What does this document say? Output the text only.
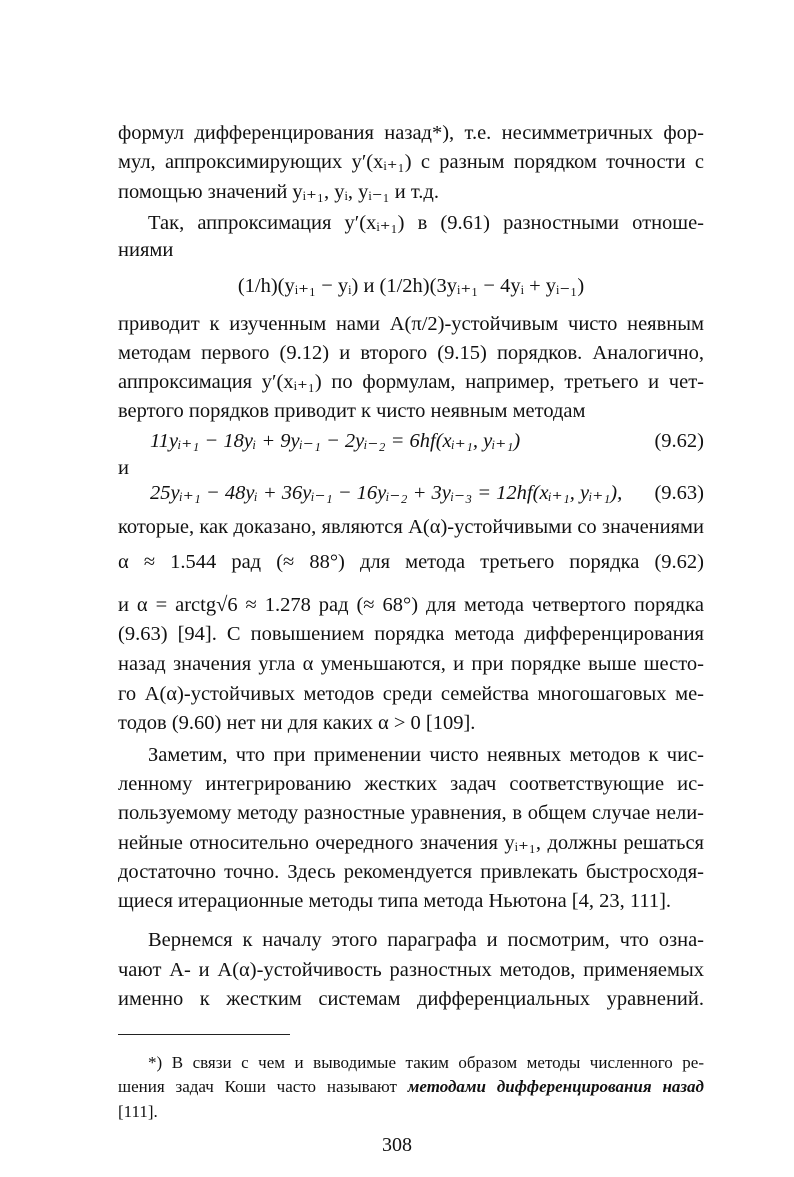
формул дифференцирования назад*), т.е. несимметричных фор-
мул, аппроксимирующих y′(xᵢ₊₁) с разным порядком точности с
помощью значений yᵢ₊₁, yᵢ, yᵢ₋₁ и т.д.
Так, аппроксимация y′(xᵢ₊₁) в (9.61) разностными отноше-
ниями
(1/h)(yᵢ₊₁ − yᵢ) и (1/2h)(3yᵢ₊₁ − 4yᵢ + yᵢ₋₁)
приводит к изученным нами A(π/2)-устойчивым чисто неявным
методам первого (9.12) и второго (9.15) порядков. Аналогично,
аппроксимация y′(xᵢ₊₁) по формулам, например, третьего и чет-
вертого порядков приводит к чисто неявным методам
11yᵢ₊₁ − 18yᵢ + 9yᵢ₋₁ − 2yᵢ₋₂ = 6hf(xᵢ₊₁, yᵢ₊₁)	(9.62)
и
25yᵢ₊₁ − 48yᵢ + 36yᵢ₋₁ − 16yᵢ₋₂ + 3yᵢ₋₃ = 12hf(xᵢ₊₁, yᵢ₊₁), (9.63)
которые, как доказано, являются A(α)-устойчивыми со значениями
α ≈ 1.544 рад (≈ 88°) для метода третьего порядка (9.62)
и α = arctg√6 ≈ 1.278 рад (≈ 68°) для метода четвертого порядка
(9.63) [94]. С повышением порядка метода дифференцирования
назад значения угла α уменьшаются, и при порядке выше шесто-
го A(α)-устойчивых методов среди семейства многошаговых ме-
тодов (9.60) нет ни для каких α > 0 [109].
Заметим, что при применении чисто неявных методов к чис-
ленному интегрированию жестких задач соответствующие ис-
пользуемому методу разностные уравнения, в общем случае нели-
нейные относительно очередного значения yᵢ₊₁, должны решаться
достаточно точно. Здесь рекомендуется привлекать быстросходя-
щиеся итерационные методы типа метода Ньютона [4, 23, 111].
Вернемся к началу этого параграфа и посмотрим, что озна-
чают A- и A(α)-устойчивость разностных методов, применяемых
именно к жестким системам дифференциальных уравнений.
*) В связи с чем и выводимые таким образом методы численного ре-
шения задач Коши часто называют методами дифференцирования назад
[111].
308
